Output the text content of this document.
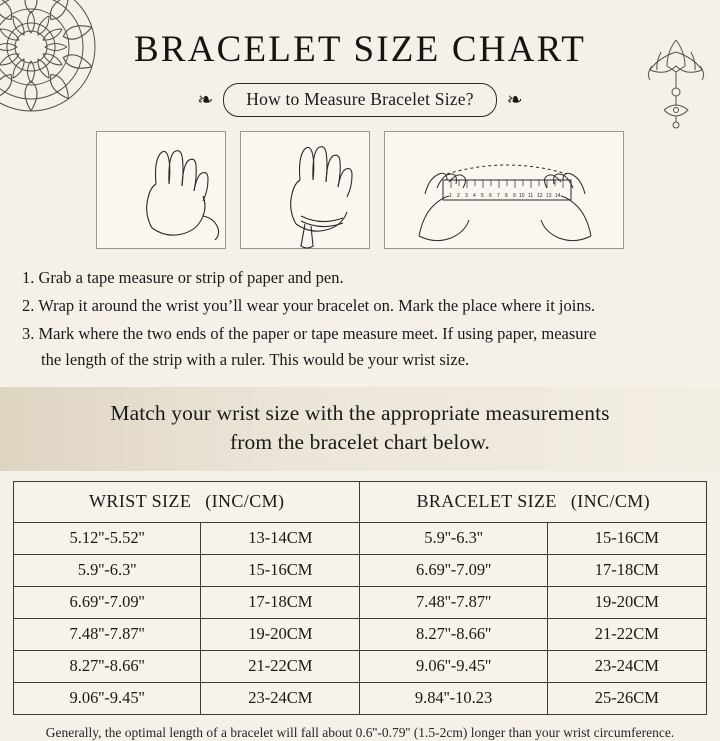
BRACELET SIZE CHART
❧	How to Measure Bracelet Size?	❧
1 2 3 4 5 6 7 8 9 10 11 12 13 14
1. Grab a tape measure or strip of paper and pen.
2. Wrap it around the wrist you’ll wear your bracelet on. Mark the place where it joins.
3. Mark where the two ends of the paper or tape measure meet. If using paper, measure
the length of the strip with a ruler. This would be your wrist size.
Match your wrist size with the appropriate measurements
from the bracelet chart below.
WRIST SIZE (INC/CM)		BRACELET SIZE (INC/CM)	
5.12''-5.52''	13-14CM	5.9''-6.3''	15-16CM
5.9''-6.3''	15-16CM	6.69''-7.09''	17-18CM
6.69''-7.09''	17-18CM	7.48''-7.87''	19-20CM
7.48''-7.87''	19-20CM	8.27''-8.66''	21-22CM
8.27''-8.66''	21-22CM	9.06''-9.45''	23-24CM
9.06''-9.45''	23-24CM	9.84''-10.23	25-26CM
Generally, the optimal length of a bracelet will fall about 0.6''-0.79'' (1.5-2cm) longer than your wrist circumference.
